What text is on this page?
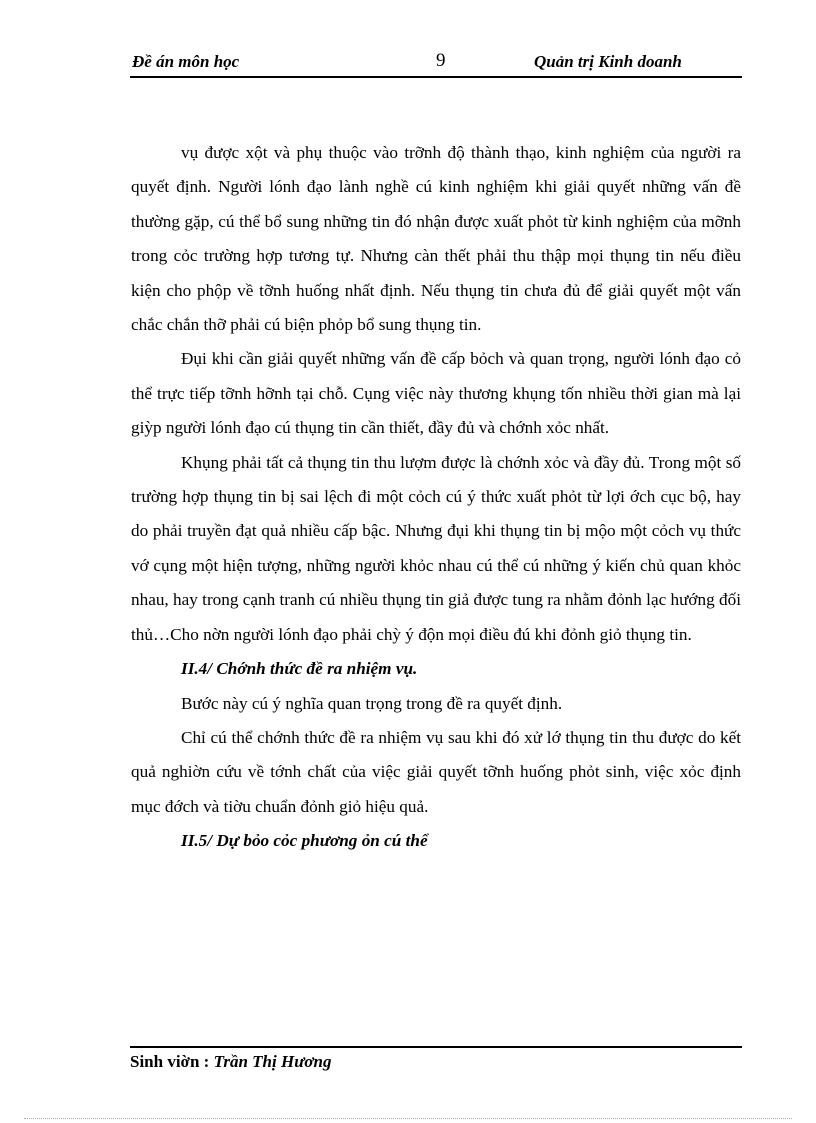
Đề án môn học	9	Quản trị Kinh doanh

vụ được xột và phụ thuộc vào trỡnh độ thành thạo, kinh nghiệm của người ra quyết định. Người lónh đạo lành nghề cú kinh nghiệm khi giải quyết những vấn đề thường gặp, cú thể bổ sung những tin đó nhận được xuất phỏt từ kinh nghiệm của mỡnh trong cỏc trường hợp tương tự. Nhưng càn thết phải thu thập mọi thụng tin nếu điều kiện cho phộp về tỡnh huống nhất định. Nếu thụng tin chưa đủ để giải quyết một vấn chắc chắn thỡ phải cú biện phỏp bổ sung thụng tin.

Đụi khi cần giải quyết những vấn đề cấp bỏch và quan trọng, người lónh đạo cỏ thể trực tiếp tỡnh hỡnh tại chỗ. Cụng việc này thương khụng tốn nhiều thời gian mà lại giỳp người lónh đạo cú thụng tin cần thiết, đầy đủ và chớnh xỏc nhất.

Khụng phải tất cả thụng tin thu lượm được là chớnh xỏc và đầy đủ. Trong một số trường hợp thụng tin bị sai lệch đi một cỏch cú ý thức xuất phỏt từ lợi ớch cục bộ, hay do phải truyền đạt quả nhiều cấp bậc. Nhưng đụi khi thụng tin bị mộo một cỏch vụ thức vớ cụng một hiện tượng, những người khỏc nhau cú thể cú những ý kiến chủ quan khỏc nhau, hay trong cạnh tranh cú nhiều thụng tin giả được tung ra nhằm đỏnh lạc hướng đối thủ…Cho nờn người lónh đạo phải chỳ ý độn mọi điều đú khi đỏnh giỏ thụng tin.

II.4/ Chớnh thức đề ra nhiệm vụ.

Bước này cú ý nghĩa quan trọng trong đề ra quyết định.

Chỉ cú thể chớnh thức đề ra nhiệm vụ sau khi đó xử lớ thụng tin thu được do kết quả nghiờn cứu về tớnh chất của việc giải quyết tỡnh huống phỏt sinh, việc xỏc định mục đớch và tiờu chuẩn đỏnh giỏ hiệu quả.

II.5/ Dự bỏo cỏc phương ỏn cú thể

Sinh viờn : Trần Thị Hương
